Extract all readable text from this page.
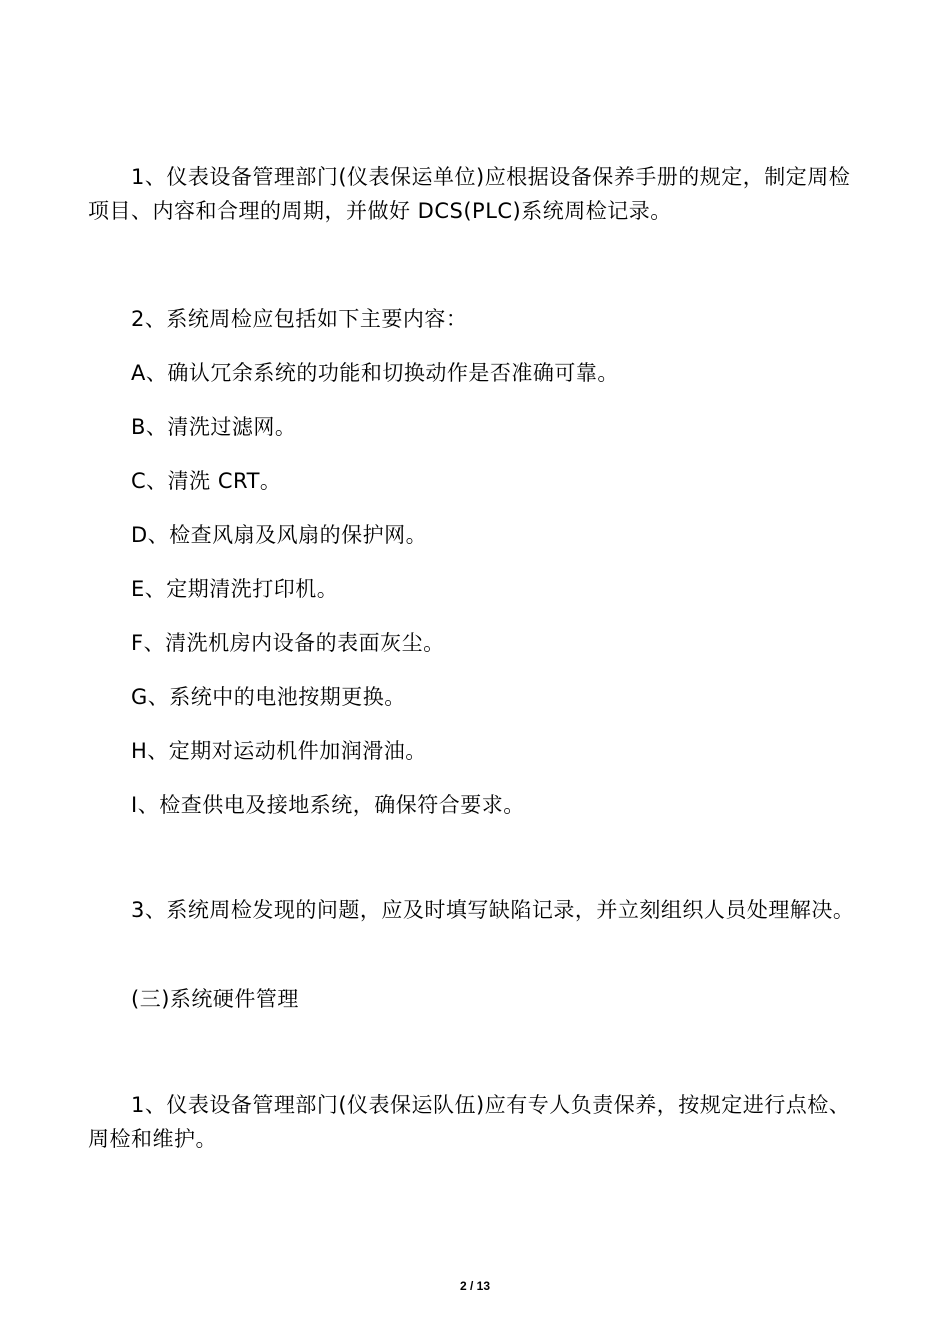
1、仪表设备管理部门(仪表保运单位)应根据设备保养手册的规定，制定周检项目、内容和合理的周期，并做好 DCS(PLC)系统周检记录。

2、系统周检应包括如下主要内容：

A、确认冗余系统的功能和切换动作是否准确可靠。

B、清洗过滤网。

C、清洗 CRT。

D、检查风扇及风扇的保护网。

E、定期清洗打印机。

F、清洗机房内设备的表面灰尘。

G、系统中的电池按期更换。

H、定期对运动机件加润滑油。

I、检查供电及接地系统，确保符合要求。

3、系统周检发现的问题，应及时填写缺陷记录，并立刻组织人员处理解决。

(三)系统硬件管理

1、仪表设备管理部门(仪表保运队伍)应有专人负责保养，按规定进行点检、周检和维护。

2 / 13
